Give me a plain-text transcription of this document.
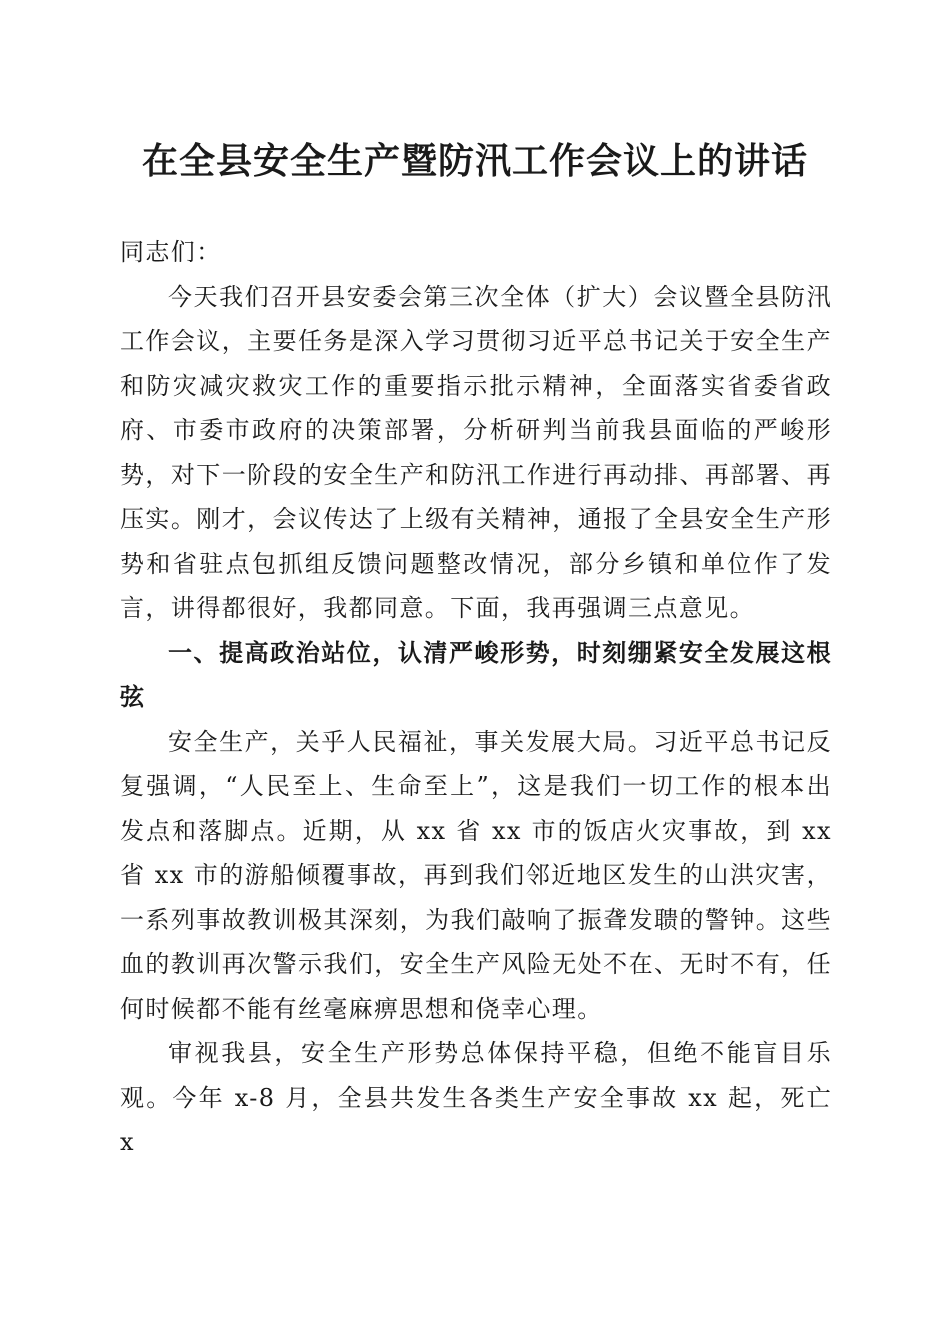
在全县安全生产暨防汛工作会议上的讲话

同志们：

今天我们召开县安委会第三次全体（扩大）会议暨全县防汛工作会议，主要任务是深入学习贯彻习近平总书记关于安全生产和防灾减灾救灾工作的重要指示批示精神，全面落实省委省政府、市委市政府的决策部署，分析研判当前我县面临的严峻形势，对下一阶段的安全生产和防汛工作进行再动排、再部署、再压实。刚才，会议传达了上级有关精神，通报了全县安全生产形势和省驻点包抓组反馈问题整改情况，部分乡镇和单位作了发言，讲得都很好，我都同意。下面，我再强调三点意见。

一、提高政治站位，认清严峻形势，时刻绷紧安全发展这根弦

安全生产，关乎人民福祉，事关发展大局。习近平总书记反复强调，“人民至上、生命至上”，这是我们一切工作的根本出发点和落脚点。近期，从 xx 省 xx 市的饭店火灾事故，到 xx 省 xx 市的游船倾覆事故，再到我们邻近地区发生的山洪灾害，一系列事故教训极其深刻，为我们敲响了振聋发聩的警钟。这些血的教训再次警示我们，安全生产风险无处不在、无时不有，任何时候都不能有丝毫麻痹思想和侥幸心理。

审视我县，安全生产形势总体保持平稳，但绝不能盲目乐观。今年 x-8 月，全县共发生各类生产安全事故 xx 起，死亡 x
